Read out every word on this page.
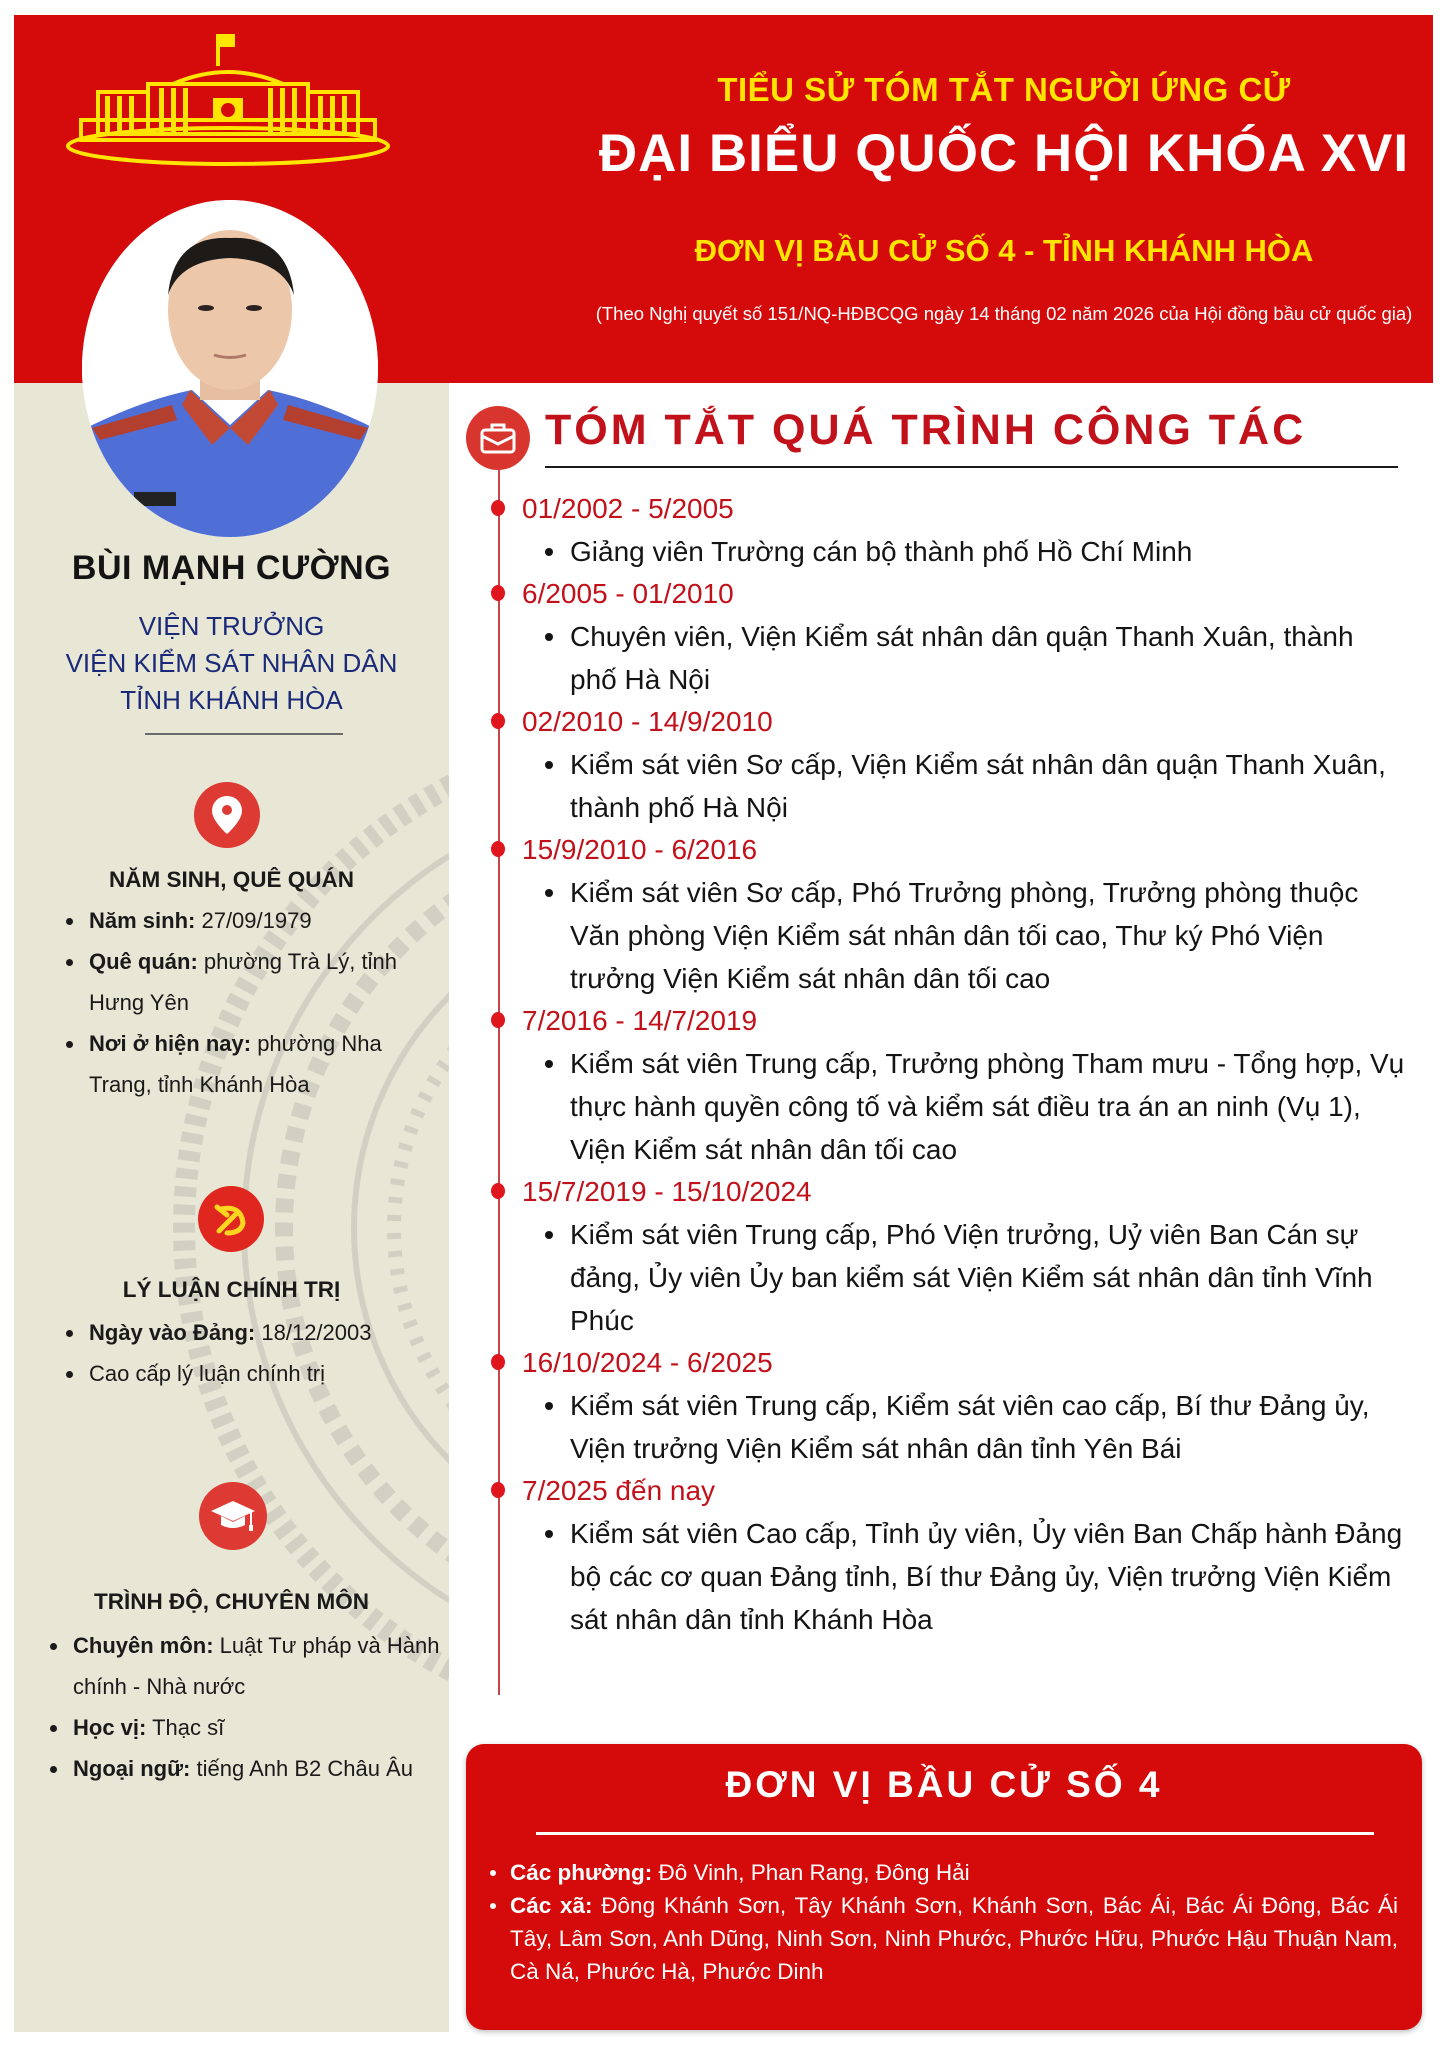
TIỂU SỬ TÓM TẮT NGƯỜI ỨNG CỬ
ĐẠI BIỂU QUỐC HỘI KHÓA XVI
ĐƠN VỊ BẦU CỬ SỐ 4 - TỈNH KHÁNH HÒA
(Theo Nghị quyết số 151/NQ-HĐBCQG ngày 14 tháng 02 năm 2026 của Hội đồng bầu cử quốc gia)
BÙI MẠNH CƯỜNG
VIỆN TRƯỞNG
VIỆN KIỂM SÁT NHÂN DÂN
TỈNH KHÁNH HÒA
NĂM SINH, QUÊ QUÁN
Năm sinh: 27/09/1979
Quê quán: phường Trà Lý, tỉnh Hưng Yên
Nơi ở hiện nay: phường Nha Trang, tỉnh Khánh Hòa
LÝ LUẬN CHÍNH TRỊ
Ngày vào Đảng: 18/12/2003
Cao cấp lý luận chính trị
TRÌNH ĐỘ, CHUYÊN MÔN
Chuyên môn: Luật Tư pháp và Hành chính - Nhà nước
Học vị: Thạc sĩ
Ngoại ngữ: tiếng Anh B2 Châu Âu
TÓM TẮT QUÁ TRÌNH CÔNG TÁC
01/2002 - 5/2005
Giảng viên Trường cán bộ thành phố Hồ Chí Minh
6/2005 - 01/2010
Chuyên viên, Viện Kiểm sát nhân dân quận Thanh Xuân, thành phố Hà Nội
02/2010 - 14/9/2010
Kiểm sát viên Sơ cấp, Viện Kiểm sát nhân dân quận Thanh Xuân, thành phố Hà Nội
15/9/2010 - 6/2016
Kiểm sát viên Sơ cấp, Phó Trưởng phòng, Trưởng phòng thuộc Văn phòng Viện Kiểm sát nhân dân tối cao, Thư ký Phó Viện trưởng Viện Kiểm sát nhân dân tối cao
7/2016 - 14/7/2019
Kiểm sát viên Trung cấp, Trưởng phòng Tham mưu - Tổng hợp, Vụ thực hành quyền công tố và kiểm sát điều tra án an ninh (Vụ 1), Viện Kiểm sát nhân dân tối cao
15/7/2019 - 15/10/2024
Kiểm sát viên Trung cấp, Phó Viện trưởng, Uỷ viên Ban Cán sự đảng, Ủy viên Ủy ban kiểm sát Viện Kiểm sát nhân dân tỉnh Vĩnh Phúc
16/10/2024 - 6/2025
Kiểm sát viên Trung cấp, Kiểm sát viên cao cấp, Bí thư Đảng ủy, Viện trưởng Viện Kiểm sát nhân dân tỉnh Yên Bái
7/2025 đến nay
Kiểm sát viên Cao cấp, Tỉnh ủy viên, Ủy viên Ban Chấp hành Đảng bộ các cơ quan Đảng tỉnh, Bí thư Đảng ủy, Viện trưởng Viện Kiểm sát nhân dân tỉnh Khánh Hòa
ĐƠN VỊ BẦU CỬ SỐ 4
Các phường: Đô Vinh, Phan Rang, Đông Hải
Các xã: Đông Khánh Sơn, Tây Khánh Sơn, Khánh Sơn, Bác Ái, Bác Ái Đông, Bác Ái Tây, Lâm Sơn, Anh Dũng, Ninh Sơn, Ninh Phước, Phước Hữu, Phước Hậu Thuận Nam, Cà Ná, Phước Hà, Phước Dinh
